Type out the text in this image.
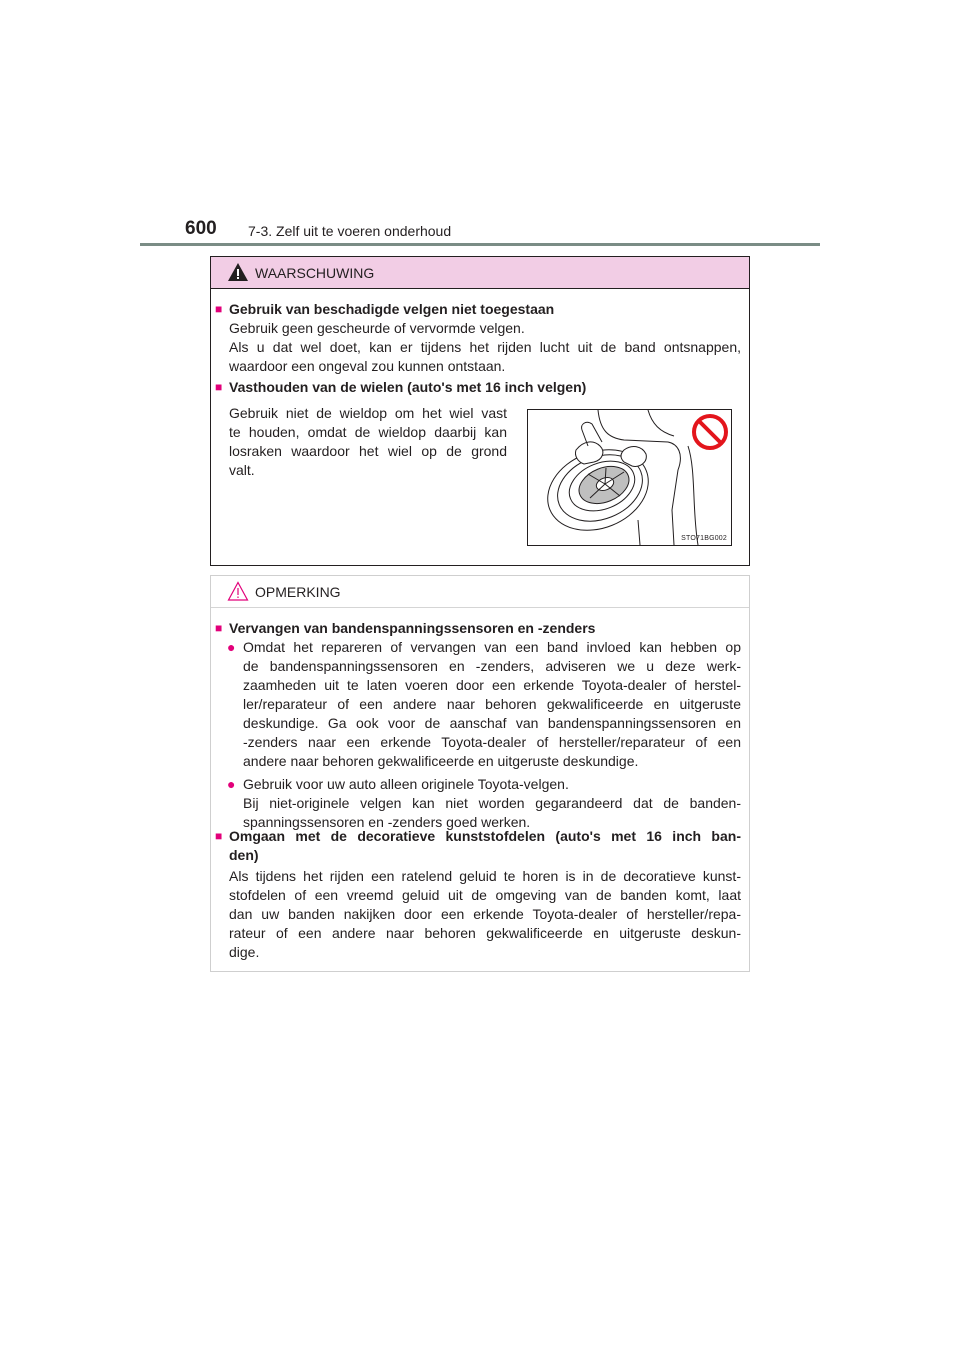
600 7-3. Zelf uit te voeren onderhoud
WAARSCHUWING
■ Gebruik van beschadigde velgen niet toegestaan
Gebruik geen gescheurde of vervormde velgen.
Als u dat wel doet, kan er tijdens het rijden lucht uit de band ontsnappen,
waardoor een ongeval zou kunnen ontstaan.
■ Vasthouden van de wielen (auto's met 16 inch velgen)
Gebruik niet de wieldop om het wiel vast
te houden, omdat de wieldop daarbij kan
losraken waardoor het wiel op de grond
valt.
STO71BG002
OPMERKING
■ Vervangen van bandenspanningssensoren en -zenders
● Omdat het repareren of vervangen van een band invloed kan hebben op
de bandenspanningssensoren en -zenders, adviseren we u deze werk-
zaamheden uit te laten voeren door een erkende Toyota-dealer of herstel-
ler/reparateur of een andere naar behoren gekwalificeerde en uitgeruste
deskundige. Ga ook voor de aanschaf van bandenspanningssensoren en
-zenders naar een erkende Toyota-dealer of hersteller/reparateur of een
andere naar behoren gekwalificeerde en uitgeruste deskundige.
● Gebruik voor uw auto alleen originele Toyota-velgen.
Bij niet-originele velgen kan niet worden gegarandeerd dat de banden-
spanningssensoren en -zenders goed werken.
■ Omgaan met de decoratieve kunststofdelen (auto's met 16 inch ban-
den)
Als tijdens het rijden een ratelend geluid te horen is in de decoratieve kunst-
stofdelen of een vreemd geluid uit de omgeving van de banden komt, laat
dan uw banden nakijken door een erkende Toyota-dealer of hersteller/repa-
rateur of een andere naar behoren gekwalificeerde en uitgeruste deskun-
dige.
